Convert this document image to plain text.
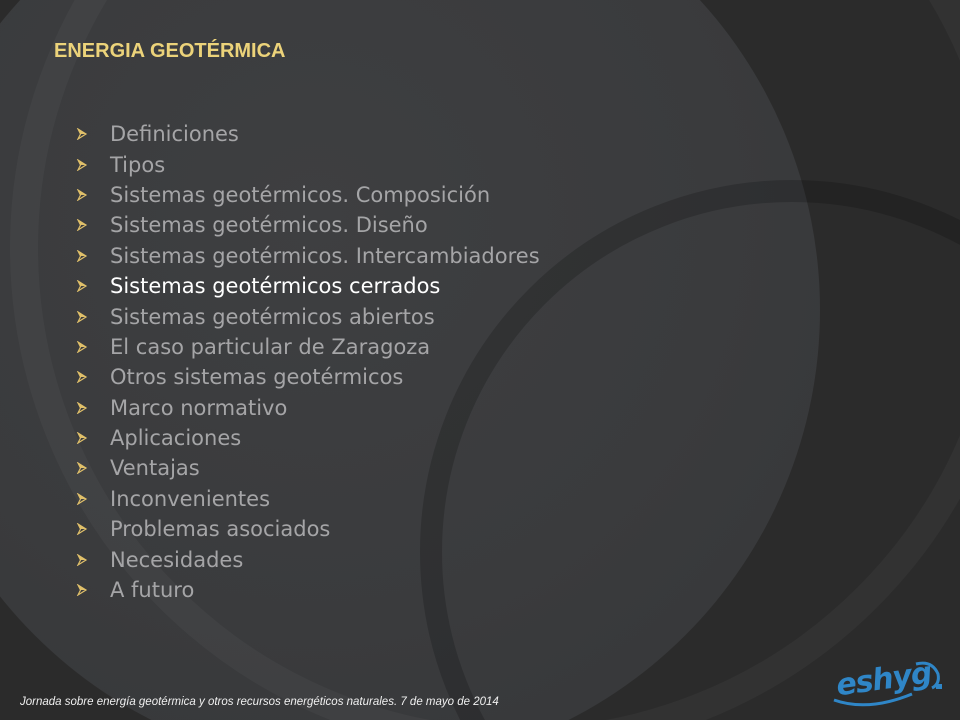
ENERGIA GEOTÉRMICA
Definiciones
Tipos
Sistemas geotérmicos. Composición
Sistemas geotérmicos. Diseño
Sistemas geotérmicos. Intercambiadores
Sistemas geotérmicos cerrados
Sistemas geotérmicos abiertos
El caso particular de Zaragoza
Otros sistemas geotérmicos
Marco normativo
Aplicaciones
Ventajas
Inconvenientes
Problemas asociados
Necesidades
A futuro
Jornada sobre energía geotérmica y otros recursos energéticos naturales. 7 de mayo de 2014	eshyg
